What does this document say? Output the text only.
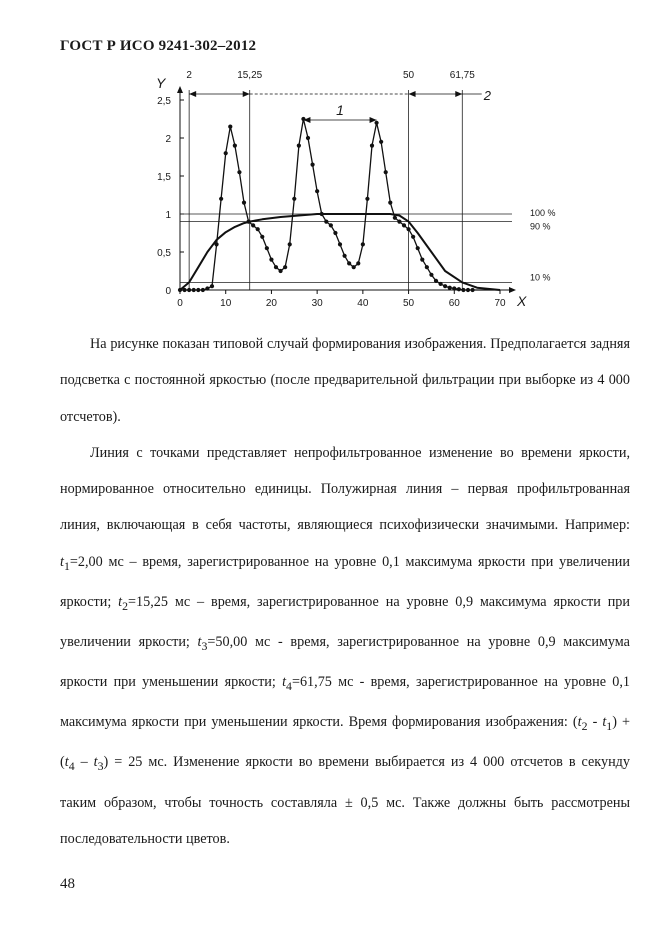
ГОСТ Р ИСО 9241-302–2012
Y
X
0	10	20	30	40	50	60	70
0
0,5
1
1,5
2
2,5
100 %
90 %
10 %
2	15,25	50	61,75
2
1

На рисунке показан типовой случай формирования изображения. Предполагается задняя подсветка с постоянной яркостью (после предварительной фильтрации при выборке из 4 000 отсчетов).

Линия с точками представляет непрофильтрованное изменение во времени яркости, нормированное относительно единицы. Полужирная линия – первая профильтрованная линия, включающая в себя частоты, являющиеся психофизически значимыми. Например: $t_1=2,00$ мс – время, зарегистрированное на уровне 0,1 максимума яркости при увеличении яркости; $t_2=15,25$ мс – время, зарегистрированное на уровне 0,9 максимума яркости при увеличении яркости; $t_3=50,00$ мс - время, зарегистрированное на уровне 0,9 максимума яркости при уменьшении яркости; $t_4=61,75$ мс - время, зарегистрированное на уровне 0,1 максимума яркости при уменьшении яркости. Время формирования изображения: $(t_2 - t_1) + (t_4 - t_3) = 25$ мс. Изменение яркости во времени выбирается из 4 000 отсчетов в секунду таким образом, чтобы точность составляла ± 0,5 мс. Также должны быть рассмотрены последовательности цветов.

48
